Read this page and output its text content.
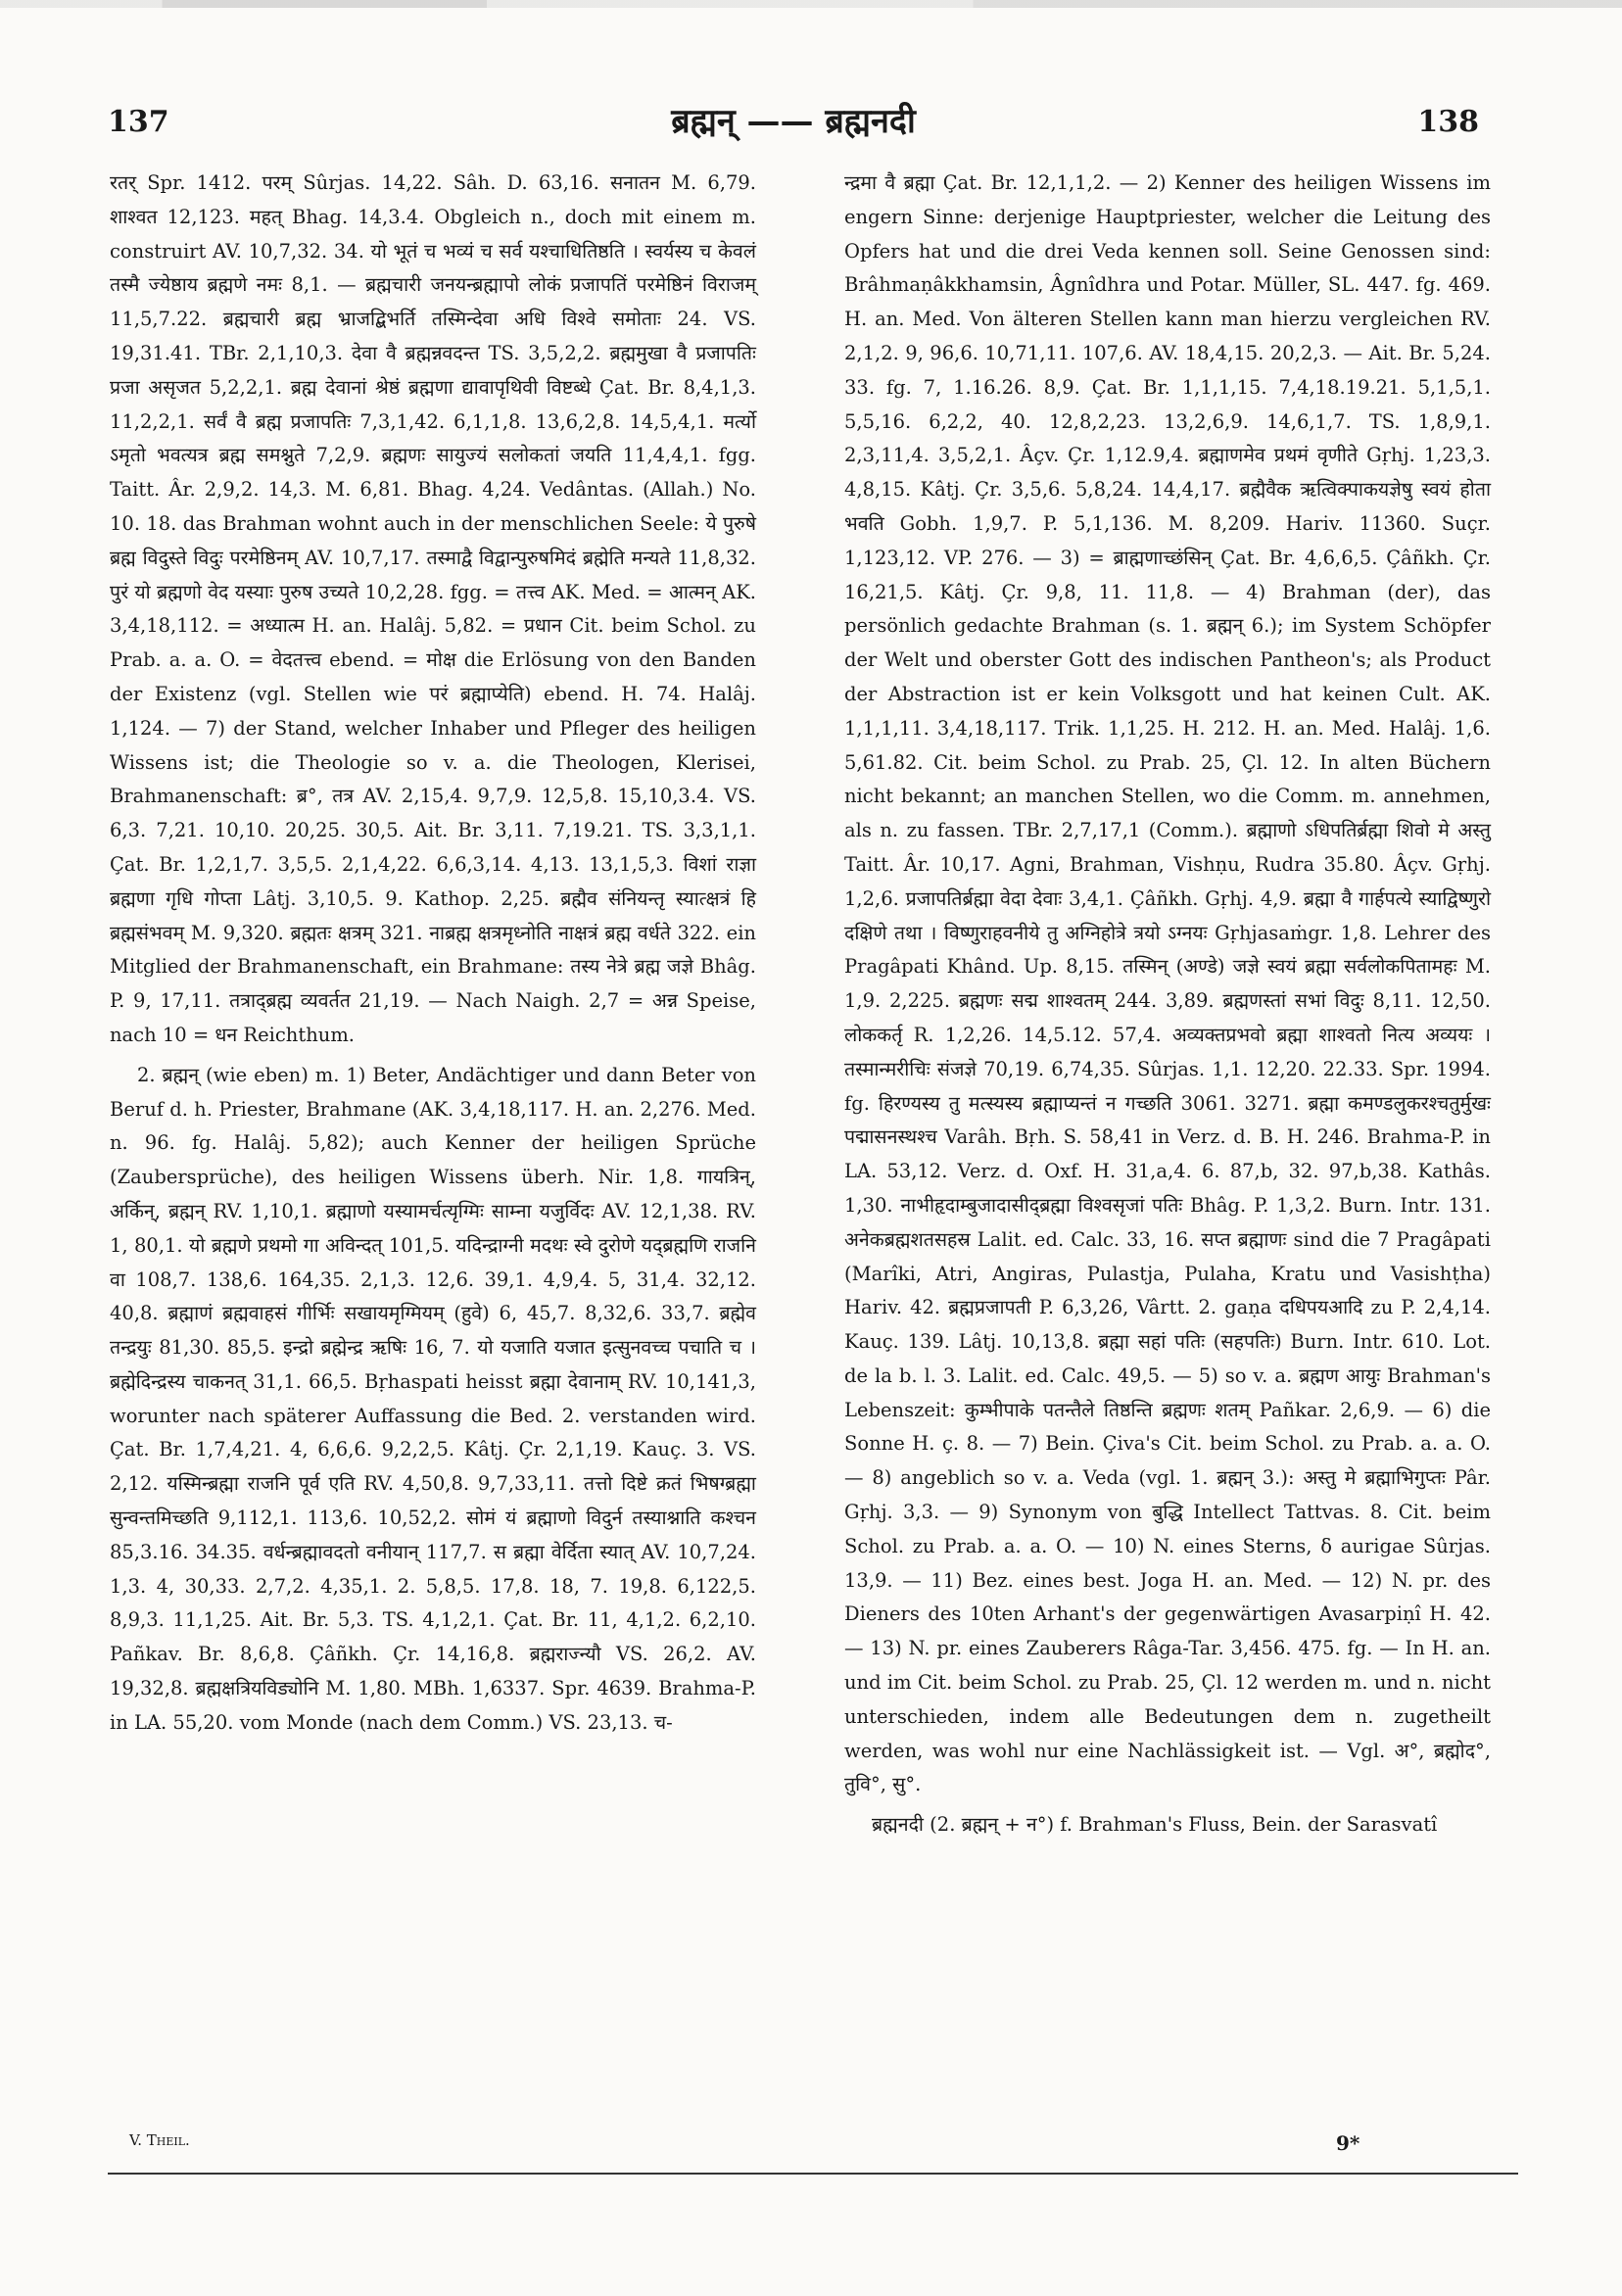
137	ब्रह्मन् —— ब्रह्मनदी	138

रतर् Spr. 1412. परम् Sûrjas. 14,22. Sâh. D. 63,16. सनातन M. 6,79. शाश्वत 12,123. महत् Bhag. 14,3.4. Obgleich n., doch mit einem m. construirt AV. 10,7,32. 34. यो भूतं च भव्यं च सर्व यश्चाधितिष्ठति । स्वर्यस्य च केवलं तस्मै ज्येष्ठाय ब्रह्मणे नमः 8,1. — ब्रह्मचारी जनयन्ब्रह्मापो लोकं प्रजापतिं परमेष्ठिनं विराजम् 11,5,7.22. ब्रह्मचारी ब्रह्म भ्राजद्बिभर्ति तस्मिन्देवा अधि विश्वे समोताः 24. VS. 19,31.41. TBr. 2,1,10,3. देवा वै ब्रह्मन्नवदन्त TS. 3,5,2,2. ब्रह्ममुखा वै प्रजापतिः प्रजा असृजत 5,2,2,1. ब्रह्म देवानां श्रेष्ठं ब्रह्मणा द्यावापृथिवी विष्टब्धे Çat. Br. 8,4,1,3. 11,2,2,1. सर्वं वै ब्रह्म प्रजापतिः 7,3,1,42. 6,1,1,8. 13,6,2,8. 14,5,4,1. मर्त्यो ऽमृतो भवत्यत्र ब्रह्म समश्नुते 7,2,9. ब्रह्मणः सायुज्यं सलोकतां जयति 11,4,4,1. fgg. Taitt. Âr. 2,9,2. 14,3. M. 6,81. Bhag. 4,24. Vedântas. (Allah.) No. 10. 18. das Brahman wohnt auch in der menschlichen Seele: ये पुरुषे ब्रह्म विदुस्ते विदुः परमेष्ठिनम् AV. 10,7,17. तस्माद्वै विद्वान्पुरुषमिदं ब्रह्मेति मन्यते 11,8,32. पुरं यो ब्रह्मणो वेद यस्याः पुरुष उच्यते 10,2,28. fgg. = तत्त्व AK. Med. = आत्मन् AK. 3,4,18,112. = अध्यात्म H. an. Halâj. 5,82. = प्रधान Cit. beim Schol. zu Prab. a. a. O. = वेदतत्त्व ebend. = मोक्ष die Erlösung von den Banden der Existenz (vgl. Stellen wie परं ब्रह्माप्येति) ebend. H. 74. Halâj. 1,124. — 7) der Stand, welcher Inhaber und Pfleger des heiligen Wissens ist; die Theologie so v. a. die Theologen, Klerisei, Brahmanenschaft: ब्र°, तत्र AV. 2,15,4. 9,7,9. 12,5,8. 15,10,3.4. VS. 6,3. 7,21. 10,10. 20,25. 30,5. Ait. Br. 3,11. 7,19.21. TS. 3,3,1,1. Çat. Br. 1,2,1,7. 3,5,5. 2,1,4,22. 6,6,3,14. 4,13. 13,1,5,3. विशां राज्ञा ब्रह्मणा गृधि गोप्ता Lâtj. 3,10,5. 9. Kathop. 2,25. ब्रह्मैव संनियन्तृ स्यात्क्षत्रं हि ब्रह्मसंभवम् M. 9,320. ब्रह्मतः क्षत्रम् 321. नाब्रह्म क्षत्रमृध्नोति नाक्षत्रं ब्रह्म वर्धते 322. ein Mitglied der Brahmanenschaft, ein Brahmane: तस्य नेत्रे ब्रह्म जज्ञे Bhâg. P. 9, 17,11. तत्राद्ब्रह्म व्यवर्तत 21,19. — Nach Naigh. 2,7 = अन्न Speise, nach 10 = धन Reichthum.

2. ब्रह्मन् (wie eben) m. 1) Beter, Andächtiger und dann Beter von Beruf d. h. Priester, Brahmane (AK. 3,4,18,117. H. an. 2,276. Med. n. 96. fg. Halâj. 5,82); auch Kenner der heiligen Sprüche (Zaubersprüche), des heiligen Wissens überh. Nir. 1,8. गायत्रिन्, अर्किन्, ब्रह्मन् RV. 1,10,1. ब्रह्माणो यस्यामर्चत्यृग्मिः साम्ना यजुर्विदः AV. 12,1,38. RV. 1, 80,1. यो ब्रह्मणे प्रथमो गा अविन्दत् 101,5. यदिन्द्राग्नी मदथः स्वे दुरोणे यद्ब्रह्मणि राजनि वा 108,7. 138,6. 164,35. 2,1,3. 12,6. 39,1. 4,9,4. 5, 31,4. 32,12. 40,8. ब्रह्माणं ब्रह्मवाहसं गीर्भिः सखायमृग्मियम् (हुवे) 6, 45,7. 8,32,6. 33,7. ब्रह्मेव तन्द्रयुः 81,30. 85,5. इन्द्रो ब्रह्मेन्द्र ऋषिः 16, 7. यो यजाति यजात इत्सुनवच्च पचाति च । ब्रह्मेदिन्द्रस्य चाकनत् 31,1. 66,5. Bṛhaspati heisst ब्रह्मा देवानाम् RV. 10,141,3, worunter nach späterer Auffassung die Bed. 2. verstanden wird. Çat. Br. 1,7,4,21. 4, 6,6,6. 9,2,2,5. Kâtj. Çr. 2,1,19. Kauç. 3. VS. 2,12. यस्मिन्ब्रह्मा राजनि पूर्व एति RV. 4,50,8. 9,7,33,11. तत्तो दिष्टे क्रतं भिषग्ब्रह्मा सुन्वन्तमिच्छति 9,112,1. 113,6. 10,52,2. सोमं यं ब्रह्माणो विदुर्न तस्याश्नाति कश्चन 85,3.16. 34.35. वर्धन्ब्रह्मावदतो वनीयान् 117,7. स ब्रह्मा वेर्दिता स्यात् AV. 10,7,24. 1,3. 4, 30,33. 2,7,2. 4,35,1. 2. 5,8,5. 17,8. 18, 7. 19,8. 6,122,5. 8,9,3. 11,1,25. Ait. Br. 5,3. TS. 4,1,2,1. Çat. Br. 11, 4,1,2. 6,2,10. Pañkav. Br. 8,6,8. Çâñkh. Çr. 14,16,8. ब्रह्मराज्न्यौ VS. 26,2. AV. 19,32,8. ब्रह्मक्षत्रियविड्योनि M. 1,80. MBh. 1,6337. Spr. 4639. Brahma-P. in LA. 55,20. vom Monde (nach dem Comm.) VS. 23,13. च-

न्द्रमा वै ब्रह्मा Çat. Br. 12,1,1,2. — 2) Kenner des heiligen Wissens im engern Sinne: derjenige Hauptpriester, welcher die Leitung des Opfers hat und die drei Veda kennen soll. Seine Genossen sind: Brâhmaṇâkkhamsin, Âgnîdhra und Potar. Müller, SL. 447. fg. 469. H. an. Med. Von älteren Stellen kann man hierzu vergleichen RV. 2,1,2. 9, 96,6. 10,71,11. 107,6. AV. 18,4,15. 20,2,3. — Ait. Br. 5,24. 33. fg. 7, 1.16.26. 8,9. Çat. Br. 1,1,1,15. 7,4,18.19.21. 5,1,5,1. 5,5,16. 6,2,2, 40. 12,8,2,23. 13,2,6,9. 14,6,1,7. TS. 1,8,9,1. 2,3,11,4. 3,5,2,1. Âçv. Çr. 1,12.9,4. ब्रह्माणमेव प्रथमं वृणीते Gṛhj. 1,23,3. 4,8,15. Kâtj. Çr. 3,5,6. 5,8,24. 14,4,17. ब्रह्मैवैक ऋत्विक्पाकयज्ञेषु स्वयं होता भवति Gobh. 1,9,7. P. 5,1,136. M. 8,209. Hariv. 11360. Suçr. 1,123,12. VP. 276. — 3) = ब्राह्मणाच्छंसिन् Çat. Br. 4,6,6,5. Çâñkh. Çr. 16,21,5. Kâtj. Çr. 9,8, 11. 11,8. — 4) Brahman (der), das persönlich gedachte Brahman (s. 1. ब्रह्मन् 6.); im System Schöpfer der Welt und oberster Gott des indischen Pantheon's; als Product der Abstraction ist er kein Volksgott und hat keinen Cult. AK. 1,1,1,11. 3,4,18,117. Trik. 1,1,25. H. 212. H. an. Med. Halâj. 1,6. 5,61.82. Cit. beim Schol. zu Prab. 25, Çl. 12. In alten Büchern nicht bekannt; an manchen Stellen, wo die Comm. m. annehmen, als n. zu fassen. TBr. 2,7,17,1 (Comm.). ब्रह्माणो ऽधिपतिर्ब्रह्मा शिवो मे अस्तु Taitt. Âr. 10,17. Agni, Brahman, Vishṇu, Rudra 35.80. Âçv. Gṛhj. 1,2,6. प्रजापतिर्ब्रह्मा वेदा देवाः 3,4,1. Çâñkh. Gṛhj. 4,9. ब्रह्मा वै गार्हपत्ये स्याद्विष्णुरो दक्षिणे तथा । विष्णुराहवनीये तु अग्निहोत्रे त्रयो ऽग्नयः Gṛhjasaṁgr. 1,8. Lehrer des Pragâpati Khând. Up. 8,15. तस्मिन् (अण्डे) जज्ञे स्वयं ब्रह्मा सर्वलोकपितामहः M. 1,9. 2,225. ब्रह्मणः सद्म शाश्वतम् 244. 3,89. ब्रह्मणस्तां सभां विदुः 8,11. 12,50. लोककर्तृ R. 1,2,26. 14,5.12. 57,4. अव्यक्तप्रभवो ब्रह्मा शाश्वतो नित्य अव्ययः । तस्मान्मरीचिः संजज्ञे 70,19. 6,74,35. Sûrjas. 1,1. 12,20. 22.33. Spr. 1994. fg. हिरण्यस्य तु मत्स्यस्य ब्रह्माप्यन्तं न गच्छति 3061. 3271. ब्रह्मा कमण्डलुकरश्चतुर्मुखः पद्मासनस्थश्च Varâh. Bṛh. S. 58,41 in Verz. d. B. H. 246. Brahma-P. in LA. 53,12. Verz. d. Oxf. H. 31,a,4. 6. 87,b, 32. 97,b,38. Kathâs. 1,30. नाभीहृदाम्बुजादासीद्ब्रह्मा विश्वसृजां पतिः Bhâg. P. 1,3,2. Burn. Intr. 131. अनेकब्रह्मशतसहस्र Lalit. ed. Calc. 33, 16. सप्त ब्रह्माणः sind die 7 Pragâpati (Marîki, Atri, Angiras, Pulastja, Pulaha, Kratu und Vasishṭha) Hariv. 42. ब्रह्मप्रजापती P. 6,3,26, Vârtt. 2. gaṇa दधिपयआदि zu P. 2,4,14. Kauç. 139. Lâtj. 10,13,8. ब्रह्मा सहां पतिः (सहपतिः) Burn. Intr. 610. Lot. de la b. l. 3. Lalit. ed. Calc. 49,5. — 5) so v. a. ब्रह्मण आयुः Brahman's Lebenszeit: कुम्भीपाके पतन्तैले तिष्ठन्ति ब्रह्मणः शतम् Pañkar. 2,6,9. — 6) die Sonne H. ç. 8. — 7) Bein. Çiva's Cit. beim Schol. zu Prab. a. a. O. — 8) angeblich so v. a. Veda (vgl. 1. ब्रह्मन् 3.): अस्तु मे ब्रह्माभिगुप्तः Pâr. Gṛhj. 3,3. — 9) Synonym von बुद्धि Intellect Tattvas. 8. Cit. beim Schol. zu Prab. a. a. O. — 10) N. eines Sterns, δ aurigae Sûrjas. 13,9. — 11) Bez. eines best. Joga H. an. Med. — 12) N. pr. des Dieners des 10ten Arhant's der gegenwärtigen Avasarpiṇî H. 42. — 13) N. pr. eines Zauberers Râga-Tar. 3,456. 475. fg. — In H. an. und im Cit. beim Schol. zu Prab. 25, Çl. 12 werden m. und n. nicht unterschieden, indem alle Bedeutungen dem n. zugetheilt werden, was wohl nur eine Nachlässigkeit ist. — Vgl. अ°, ब्रह्मोद°, तुवि°, सु°.

ब्रह्मनदी (2. ब्रह्मन् + न°) f. Brahman's Fluss, Bein. der Sarasvatî

V. Theil.	9*
